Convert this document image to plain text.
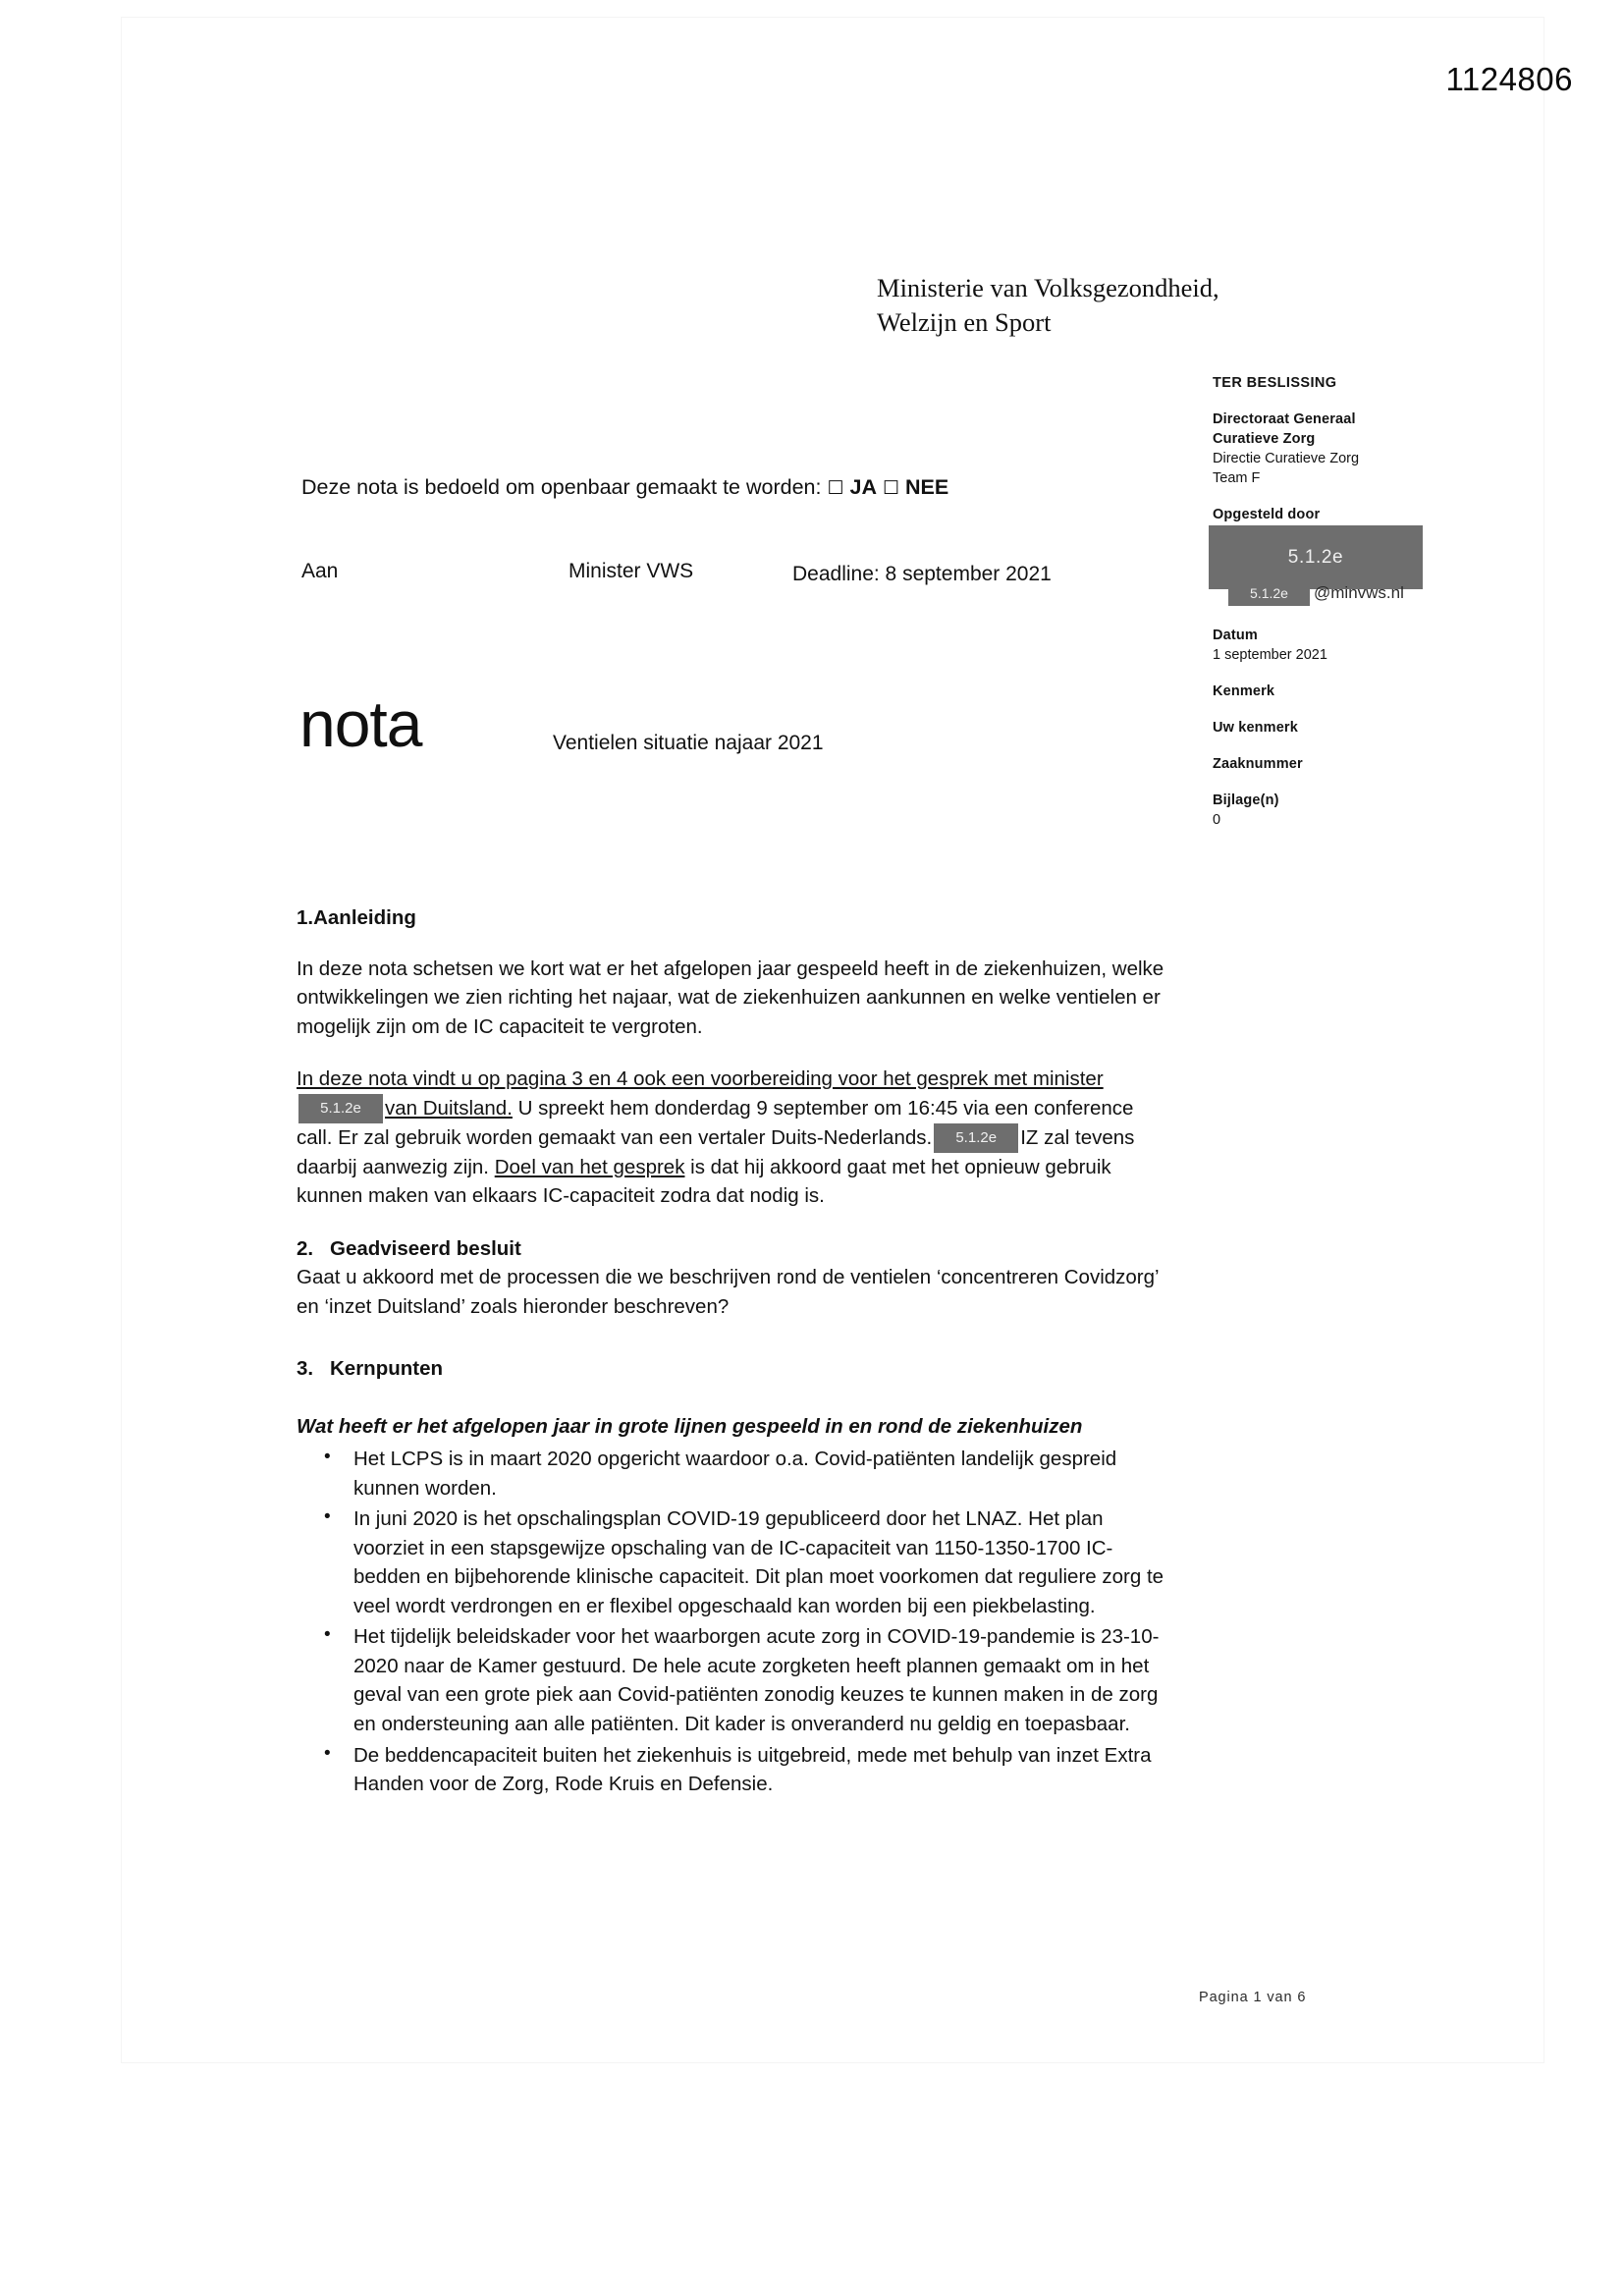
1124806
Ministerie van Volksgezondheid,
Welzijn en Sport
TER BESLISSING
Directoraat Generaal
Curatieve Zorg
Directie Curatieve Zorg
Team F
Opgesteld door
Datum
1 september 2021
Kenmerk
Uw kenmerk
Zaaknummer
Bijlage(n)
0
5.1.2e
5.1.2e	@minvws.nl
Deze nota is bedoeld om openbaar gemaakt te worden: ☐ JA ☐ NEE
Aan	Minister VWS	Deadline: 8 september 2021
nota	Ventielen situatie najaar 2021
1.Aanleiding

In deze nota schetsen we kort wat er het afgelopen jaar gespeeld heeft in de ziekenhuizen, welke ontwikkelingen we zien richting het najaar, wat de ziekenhuizen aankunnen en welke ventielen er mogelijk zijn om de IC capaciteit te vergroten.

In deze nota vindt u op pagina 3 en 4 ook een voorbereiding voor het gesprek met minister5.1.2e van Duitsland. U spreekt hem donderdag 9 september om 16:45 via een conference call. Er zal gebruik worden gemaakt van een vertaler Duits-Nederlands. 5.1.2e IZ zal tevens daarbij aanwezig zijn. Doel van het gesprek is dat hij akkoord gaat met het opnieuw gebruik kunnen maken van elkaars IC-capaciteit zodra dat nodig is.

2. Geadviseerd besluit

Gaat u akkoord met de processen die we beschrijven rond de ventielen ‘concentreren Covidzorg’ en ‘inzet Duitsland’ zoals hieronder beschreven?

3. Kernpunten
Wat heeft er het afgelopen jaar in grote lijnen gespeeld in en rond de ziekenhuizen
• Het LCPS is in maart 2020 opgericht waardoor o.a. Covid-patiënten landelijk gespreid kunnen worden.
• In juni 2020 is het opschalingsplan COVID-19 gepubliceerd door het LNAZ. Het plan voorziet in een stapsgewijze opschaling van de IC-capaciteit van 1150-1350-1700 IC-bedden en bijbehorende klinische capaciteit. Dit plan moet voorkomen dat reguliere zorg te veel wordt verdrongen en er flexibel opgeschaald kan worden bij een piekbelasting.
• Het tijdelijk beleidskader voor het waarborgen acute zorg in COVID-19-pandemie is 23-10-2020 naar de Kamer gestuurd. De hele acute zorgketen heeft plannen gemaakt om in het geval van een grote piek aan Covid-patiënten zonodig keuzes te kunnen maken in de zorg en ondersteuning aan alle patiënten. Dit kader is onveranderd nu geldig en toepasbaar.
• De beddencapaciteit buiten het ziekenhuis is uitgebreid, mede met behulp van inzet Extra Handen voor de Zorg, Rode Kruis en Defensie.
Pagina 1 van 6
